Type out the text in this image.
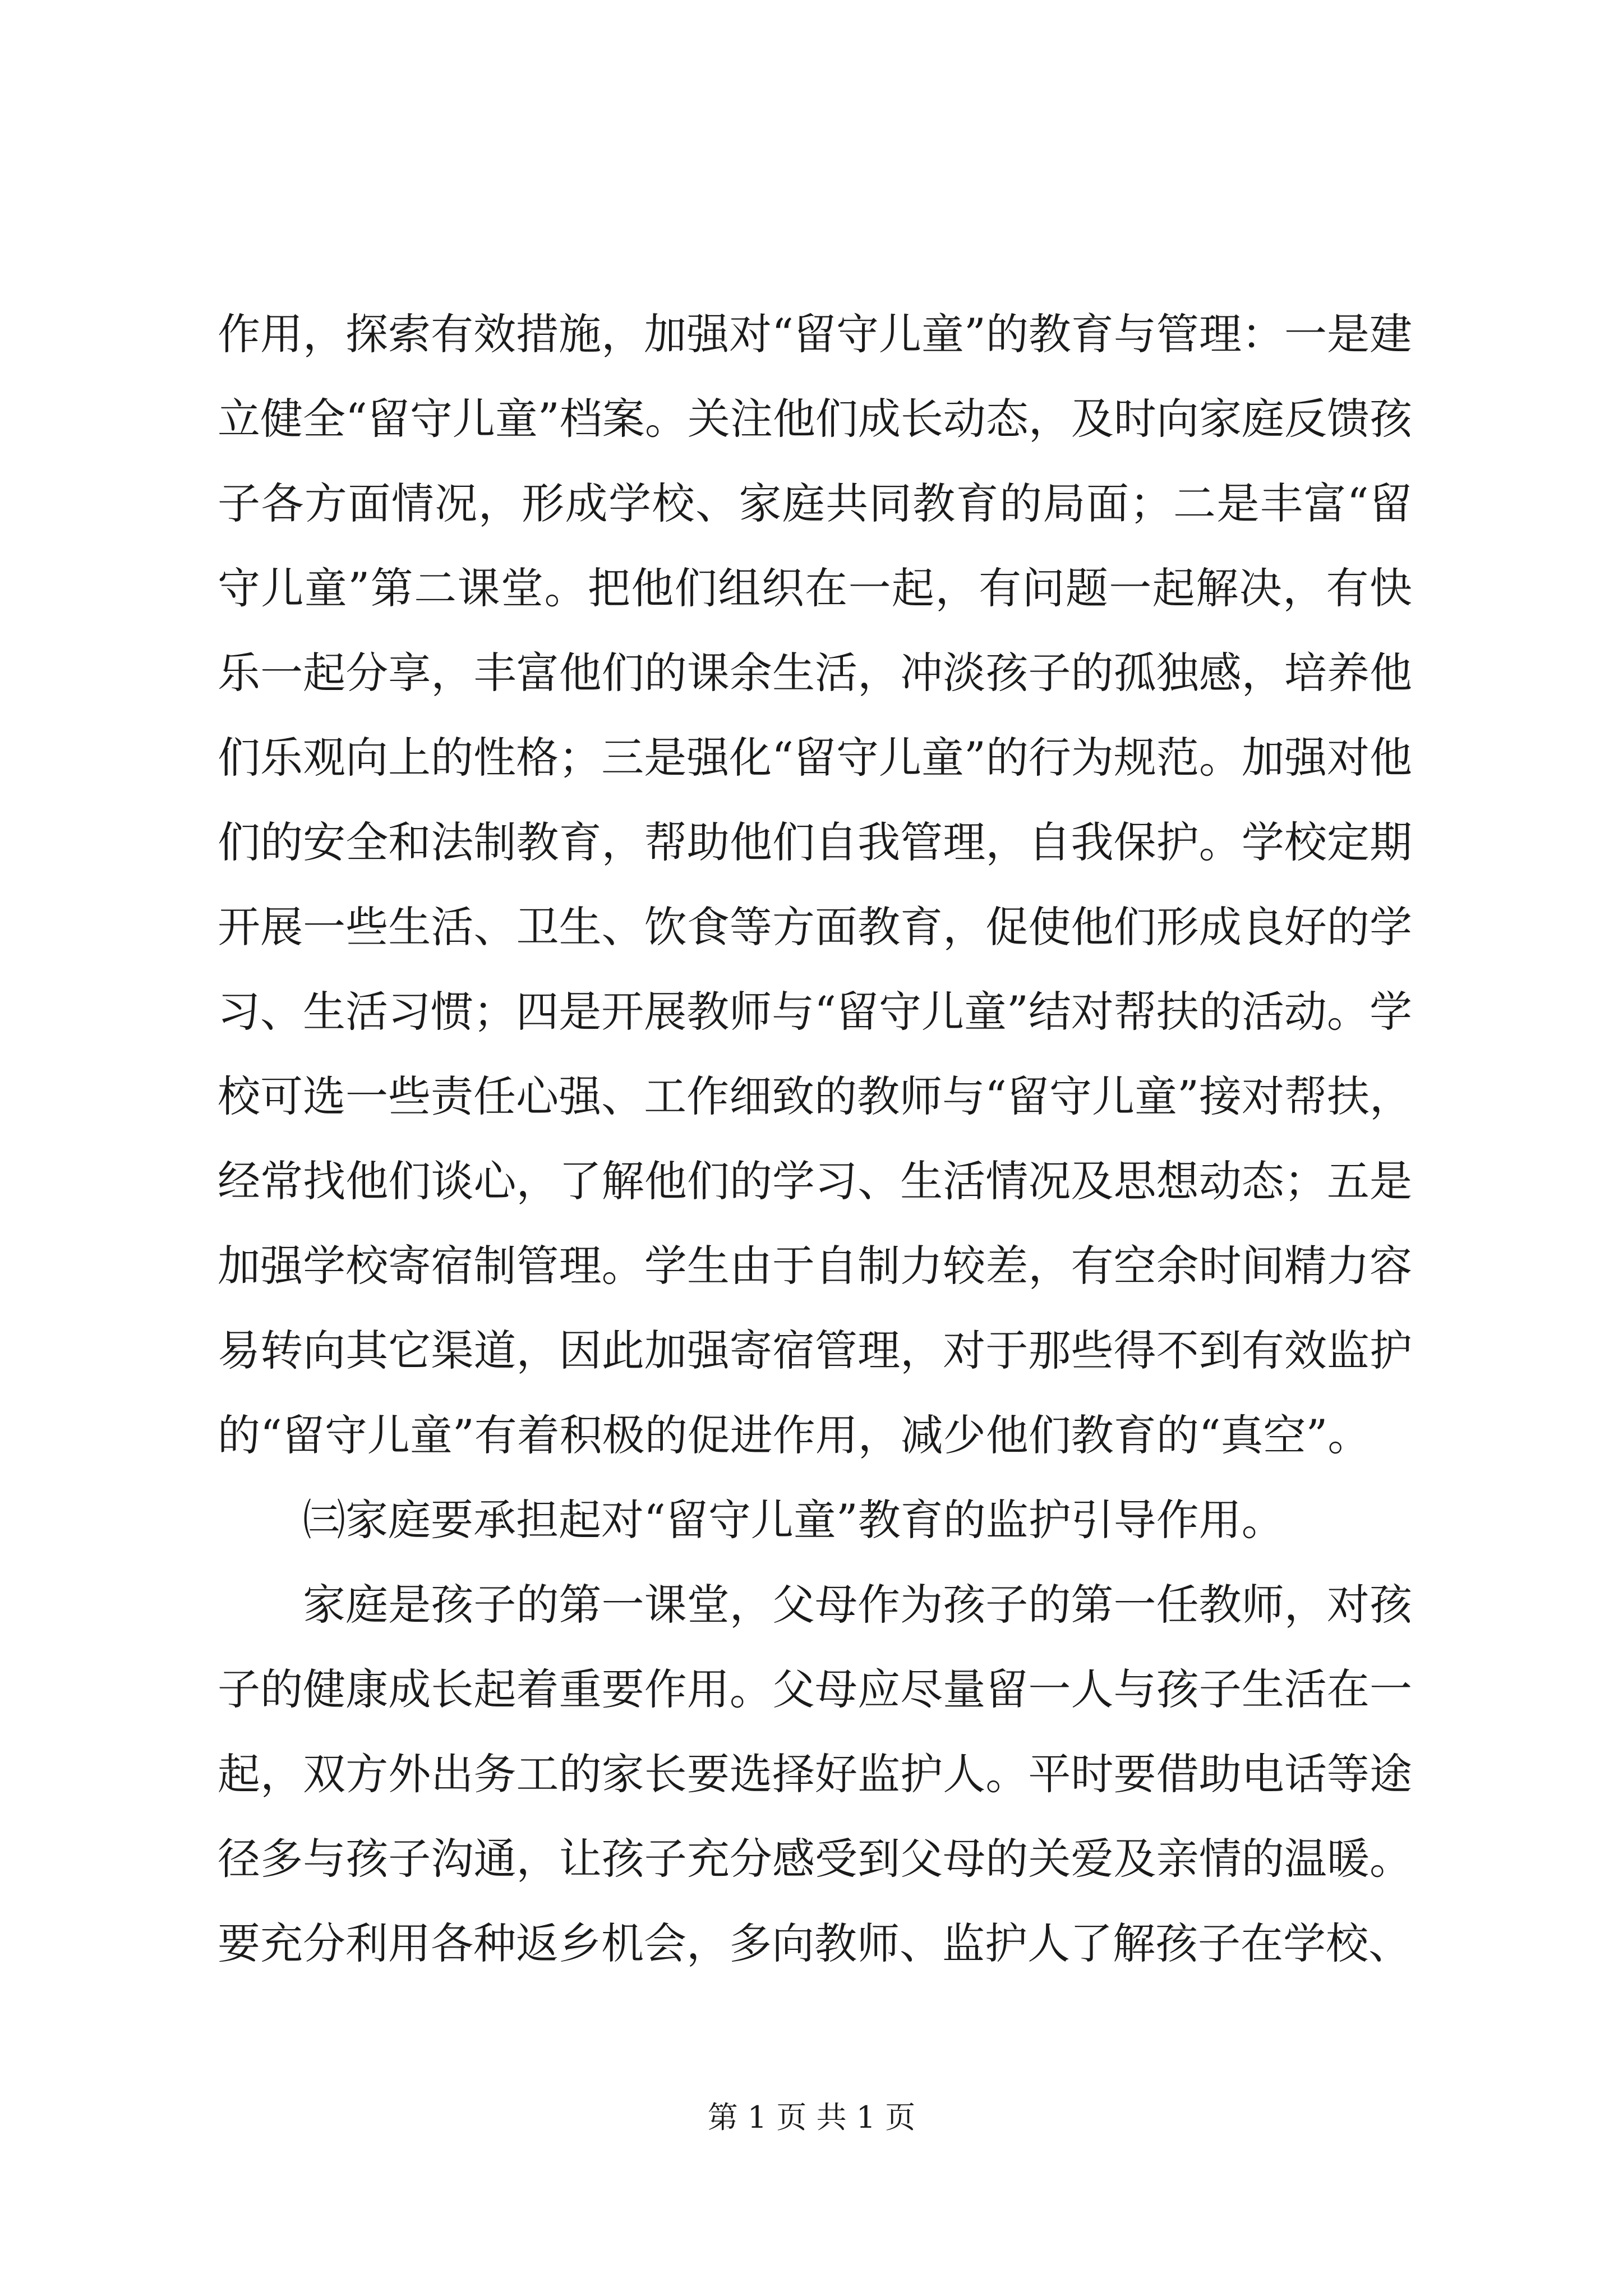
作用，探索有效措施，加强对“留守儿童”的教育与管理：一是建立健全“留守儿童”档案。关注他们成长动态，及时向家庭反馈孩子各方面情况，形成学校、家庭共同教育的局面；二是丰富“留守儿童”第二课堂。把他们组织在一起，有问题一起解决，有快乐一起分享，丰富他们的课余生活，冲淡孩子的孤独感，培养他们乐观向上的性格；三是强化“留守儿童”的行为规范。加强对他们的安全和法制教育，帮助他们自我管理，自我保护。学校定期开展一些生活、卫生、饮食等方面教育，促使他们形成良好的学习、生活习惯；四是开展教师与“留守儿童”结对帮扶的活动。学校可选一些责任心强、工作细致的教师与“留守儿童”接对帮扶，经常找他们谈心，了解他们的学习、生活情况及思想动态；五是加强学校寄宿制管理。学生由于自制力较差，有空余时间精力容易转向其它渠道，因此加强寄宿管理，对于那些得不到有效监护的“留守儿童”有着积极的促进作用，减少他们教育的“真空”。

㈢家庭要承担起对“留守儿童”教育的监护引导作用。

家庭是孩子的第一课堂，父母作为孩子的第一任教师，对孩子的健康成长起着重要作用。父母应尽量留一人与孩子生活在一起，双方外出务工的家长要选择好监护人。平时要借助电话等途径多与孩子沟通，让孩子充分感受到父母的关爱及亲情的温暖。要充分利用各种返乡机会，多向教师、监护人了解孩子在学校、

第 1 页 共 1 页
